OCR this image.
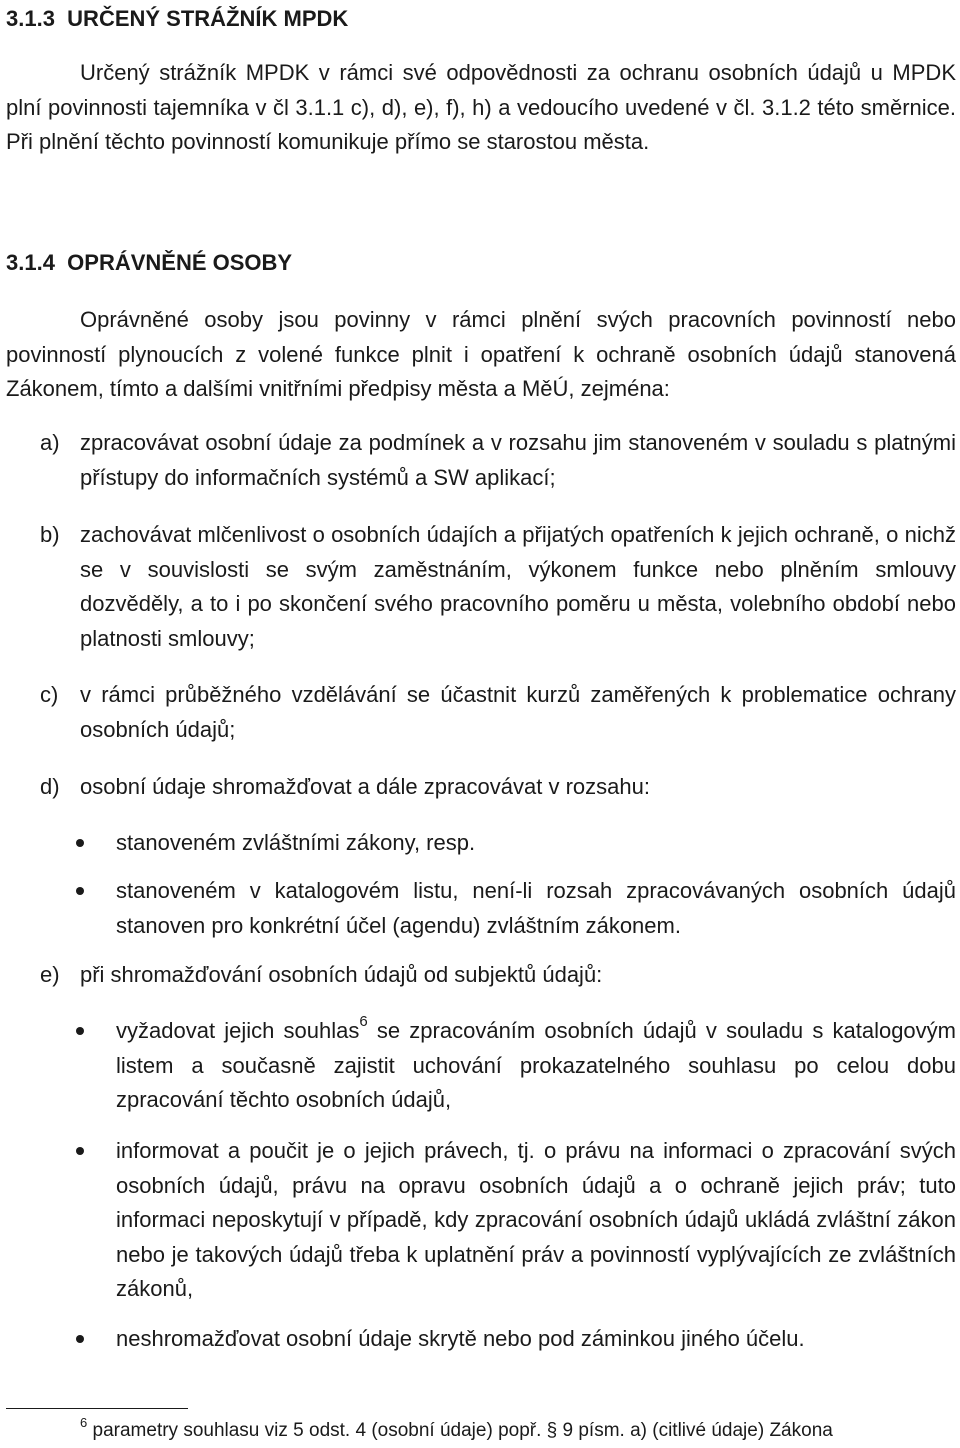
3.1.3 URČENÝ STRÁŽNÍK MPDK

Určený strážník MPDK v rámci své odpovědnosti za ochranu osobních údajů u MPDK plní povinnosti tajemníka v čl 3.1.1 c), d), e), f), h) a vedoucího uvedené v čl. 3.1.2 této směrnice. Při plnění těchto povinností komunikuje přímo se starostou města.

3.1.4 OPRÁVNĚNÉ OSOBY

Oprávněné osoby jsou povinny v rámci plnění svých pracovních povinností nebo povinností plynoucích z volené funkce plnit i opatření k ochraně osobních údajů stanovená Zákonem, tímto a dalšími vnitřními předpisy města a MěÚ, zejména:

a) zpracovávat osobní údaje za podmínek a v rozsahu jim stanoveném v souladu s platnými přístupy do informačních systémů a SW aplikací;
b) zachovávat mlčenlivost o osobních údajích a přijatých opatřeních k jejich ochraně, o nichž se v souvislosti se svým zaměstnáním, výkonem funkce nebo plněním smlouvy dozvěděly, a to i po skončení svého pracovního poměru u města, volebního období nebo platnosti smlouvy;
c) v rámci průběžného vzdělávání se účastnit kurzů zaměřených k problematice ochrany osobních údajů;
d) osobní údaje shromažďovat a dále zpracovávat v rozsahu:
stanoveném zvláštními zákony, resp.
stanoveném v katalogovém listu, není-li rozsah zpracovávaných osobních údajů stanoven pro konkrétní účel (agendu) zvláštním zákonem.
e) při shromažďování osobních údajů od subjektů údajů:
vyžadovat jejich souhlas$^6$ se zpracováním osobních údajů v souladu s katalogovým listem a současně zajistit uchování prokazatelného souhlasu po celou dobu zpracování těchto osobních údajů,
informovat a poučit je o jejich právech, tj. o právu na informaci o zpracování svých osobních údajů, právu na opravu osobních údajů a o ochraně jejich práv; tuto informaci neposkytují v případě, kdy zpracování osobních údajů ukládá zvláštní zákon nebo je takových údajů třeba k uplatnění práv a povinností vyplývajících ze zvláštních zákonů,
neshromažďovat osobní údaje skrytě nebo pod záminkou jiného účelu.
$^6$ parametry souhlasu viz 5 odst. 4 (osobní údaje) popř. § 9 písm. a) (citlivé údaje) Zákona
